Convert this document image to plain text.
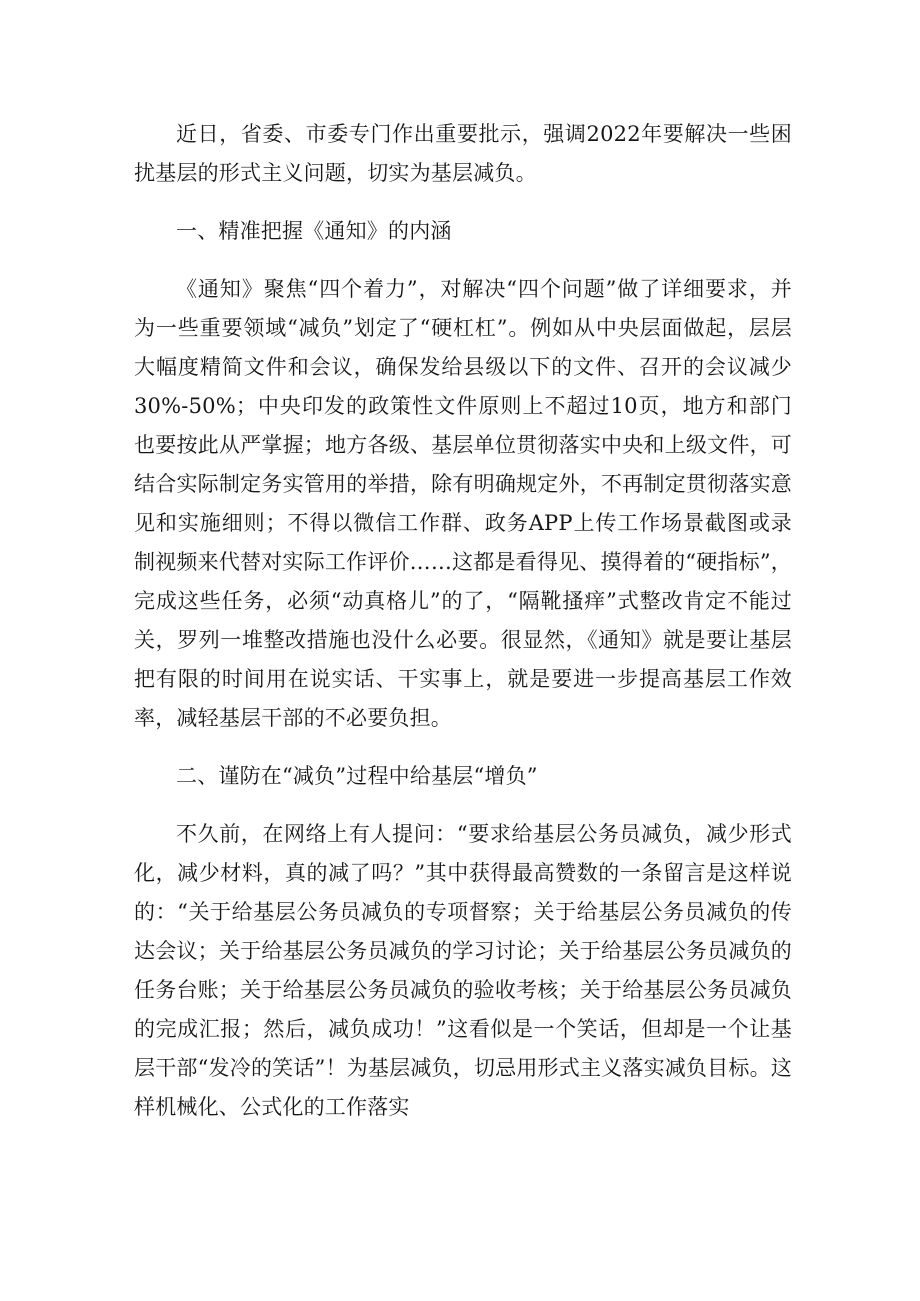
近日，省委、市委专门作出重要批示，强调2022年要解决一些困扰基层的形式主义问题，切实为基层减负。

一、精准把握《通知》的内涵

《通知》聚焦“四个着力”，对解决“四个问题”做了详细要求，并为一些重要领域“减负”划定了“硬杠杠”。例如从中央层面做起，层层大幅度精简文件和会议，确保发给县级以下的文件、召开的会议减少30%-50%；中央印发的政策性文件原则上不超过10页，地方和部门也要按此从严掌握；地方各级、基层单位贯彻落实中央和上级文件，可结合实际制定务实管用的举措，除有明确规定外，不再制定贯彻落实意见和实施细则；不得以微信工作群、政务APP上传工作场景截图或录制视频来代替对实际工作评价……这都是看得见、摸得着的“硬指标”，完成这些任务，必须“动真格儿”的了，“隔靴搔痒”式整改肯定不能过关，罗列一堆整改措施也没什么必要。很显然，《通知》就是要让基层把有限的时间用在说实话、干实事上，就是要进一步提高基层工作效率，减轻基层干部的不必要负担。

二、谨防在“减负”过程中给基层“增负”

不久前，在网络上有人提问：“要求给基层公务员减负，减少形式化，减少材料，真的减了吗？”其中获得最高赞数的一条留言是这样说的：“关于给基层公务员减负的专项督察；关于给基层公务员减负的传达会议；关于给基层公务员减负的学习讨论；关于给基层公务员减负的任务台账；关于给基层公务员减负的验收考核；关于给基层公务员减负的完成汇报；然后，减负成功！”这看似是一个笑话，但却是一个让基层干部“发冷的笑话”！为基层减负，切忌用形式主义落实减负目标。这样机械化、公式化的工作落实
